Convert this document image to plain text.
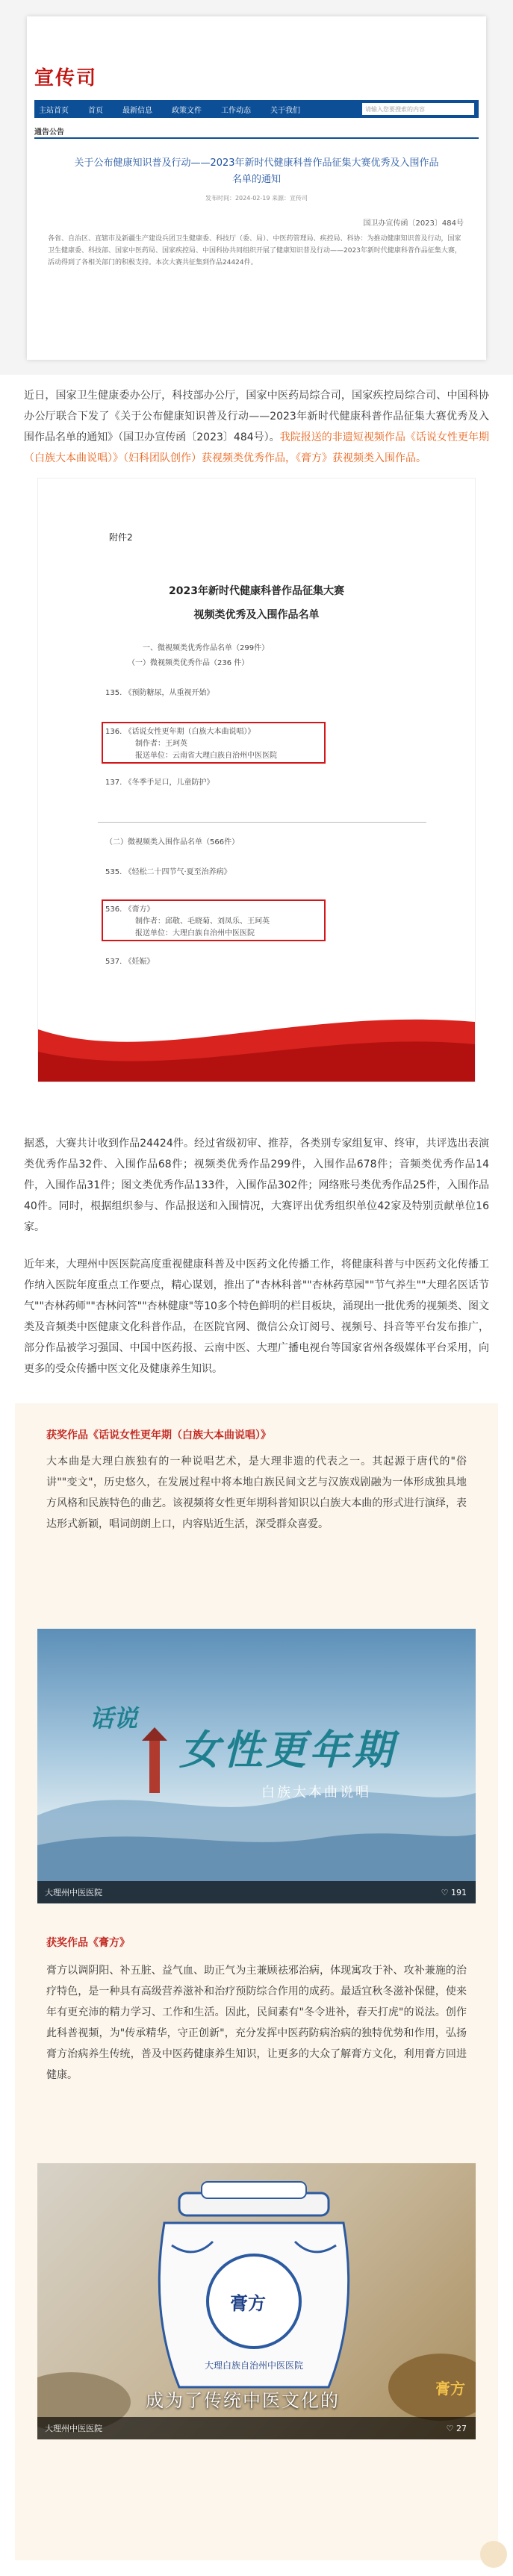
宣传司
主站首页	首页	最新信息	政策文件	工作动态	关于我们	请输入您要搜索的内容
通告公告
关于公布健康知识普及行动——2023年新时代健康科普作品征集大赛优秀及入围作品名单的通知
发布时间：2024-02-19 来源：宣传司
国卫办宣传函〔2023〕484号
各省、自治区、直辖市及新疆生产建设兵团卫生健康委、科技厅（委、局）、中医药管理局、疾控局、科协：为推动健康知识普及行动，国家卫生健康委、科技部、国家中医药局、国家疾控局、中国科协共同组织开展了健康知识普及行动——2023年新时代健康科普作品征集大赛，活动得到了各相关部门的积极支持。本次大赛共征集到作品24424件。
近日，国家卫生健康委办公厅，科技部办公厅，国家中医药局综合司，国家疾控局综合司、中国科协办公厅联合下发了《关于公布健康知识普及行动——2023年新时代健康科普作品征集大赛优秀及入围作品名单的通知》（国卫办宣传函〔2023〕484号）。我院报送的非遗短视频作品《话说女性更年期（白族大本曲说唱）》（妇科团队创作）获视频类优秀作品，《膏方》获视频类入围作品。
附件2
2023年新时代健康科普作品征集大赛
视频类优秀及入围作品名单
一、微视频类优秀作品名单（299件）
（一）微视频类优秀作品（236 件）
135. 《预防糖尿，从重视开始》
136. 《话说女性更年期（白族大本曲说唱）》
制作者：王珂英
报送单位：云南省大理白族自治州中医医院
137. 《冬季手足口，儿童防护》
（二）微视频类入围作品名单（566件）
535. 《轻松二十四节气·夏至治养病》
536. 《膏方》
制作者：邱敬、毛晓菊、刘凤乐、王珂英
报送单位：大理白族自治州中医医院
537. 《妊娠》
据悉，大赛共计收到作品24424件。经过省级初审、推荐，各类别专家组复审、终审，共评选出表演类优秀作品32件、入围作品68件；视频类优秀作品299件，入围作品678件；音频类优秀作品14件，入围作品31件；图文类优秀作品133件，入围作品302件；网络账号类优秀作品25件，入围作品40件。同时，根据组织参与、作品报送和入围情况，大赛评出优秀组织单位42家及特别贡献单位16家。
近年来，大理州中医医院高度重视健康科普及中医药文化传播工作，将健康科普与中医药文化传播工作纳入医院年度重点工作要点，精心谋划，推出了"杏林科普""杏林药草园""节气养生""大理名医话节气""杏林药师""杏林问答""杏林健康"等10多个特色鲜明的栏目板块，涌现出一批优秀的视频类、图文类及音频类中医健康文化科普作品，在医院官网、微信公众订阅号、视频号、抖音等平台发布推广，部分作品被学习强国、中国中医药报、云南中医、大理广播电视台等国家省州各级媒体平台采用，向更多的受众传播中医文化及健康养生知识。
获奖作品《话说女性更年期（白族大本曲说唱）》
大本曲是大理白族独有的一种说唱艺术，是大理非遗的代表之一。其起源于唐代的"俗讲""变文"，历史悠久，在发展过程中将本地白族民间文艺与汉族戏剧融为一体形成独具地方风格和民族特色的曲艺。该视频将女性更年期科普知识以白族大本曲的形式进行演绎，表达形式新颖，唱词朗朗上口，内容贴近生活，深受群众喜爱。
话说
女性更年期
白族大本曲说唱
大理州中医医院	♡ 191
获奖作品《膏方》
膏方以调阴阳、补五脏、益气血、助正气为主兼顾祛邪治病，体现寓攻于补、攻补兼施的治疗特色，是一种具有高级营养滋补和治疗预防综合作用的成药。最适宜秋冬滋补保健，使来年有更充沛的精力学习、工作和生活。因此，民间素有"冬令进补，春天打虎"的说法。创作此科普视频，为"传承精华，守正创新"，充分发挥中医药防病治病的独特优势和作用，弘扬膏方治病养生传统，普及中医药健康养生知识，让更多的大众了解膏方文化，利用膏方回进健康。
膏方
大理白族自治州中医医院
成为了传统中医文化的
膏方
大理州中医医院	♡ 27
